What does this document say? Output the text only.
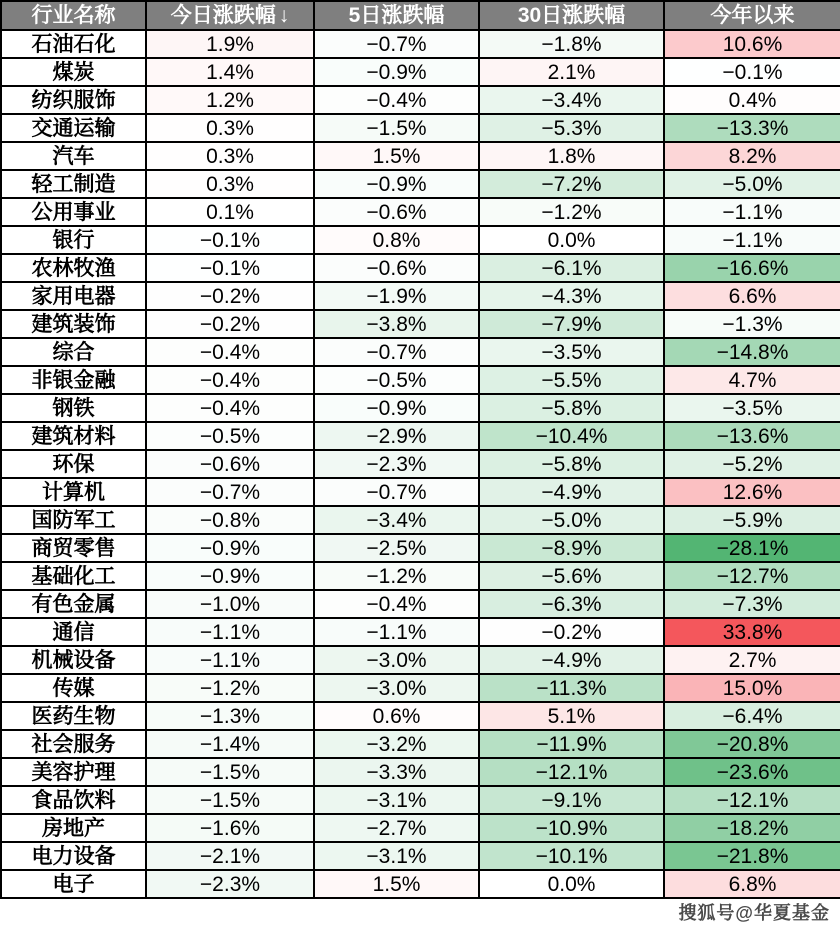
行业名称	今日涨跌幅 ↓	5日涨跌幅	30日涨跌幅	今年以来
石油石化	1.9%	−0.7%	−1.8%	10.6%
煤炭	1.4%	−0.9%	2.1%	−0.1%
纺织服饰	1.2%	−0.4%	−3.4%	0.4%
交通运输	0.3%	−1.5%	−5.3%	−13.3%
汽车	0.3%	1.5%	1.8%	8.2%
轻工制造	0.3%	−0.9%	−7.2%	−5.0%
公用事业	0.1%	−0.6%	−1.2%	−1.1%
银行	−0.1%	0.8%	0.0%	−1.1%
农林牧渔	−0.1%	−0.6%	−6.1%	−16.6%
家用电器	−0.2%	−1.9%	−4.3%	6.6%
建筑装饰	−0.2%	−3.8%	−7.9%	−1.3%
综合	−0.4%	−0.7%	−3.5%	−14.8%
非银金融	−0.4%	−0.5%	−5.5%	4.7%
钢铁	−0.4%	−0.9%	−5.8%	−3.5%
建筑材料	−0.5%	−2.9%	−10.4%	−13.6%
环保	−0.6%	−2.3%	−5.8%	−5.2%
计算机	−0.7%	−0.7%	−4.9%	12.6%
国防军工	−0.8%	−3.4%	−5.0%	−5.9%
商贸零售	−0.9%	−2.5%	−8.9%	−28.1%
基础化工	−0.9%	−1.2%	−5.6%	−12.7%
有色金属	−1.0%	−0.4%	−6.3%	−7.3%
通信	−1.1%	−1.1%	−0.2%	33.8%
机械设备	−1.1%	−3.0%	−4.9%	2.7%
传媒	−1.2%	−3.0%	−11.3%	15.0%
医药生物	−1.3%	0.6%	5.1%	−6.4%
社会服务	−1.4%	−3.2%	−11.9%	−20.8%
美容护理	−1.5%	−3.3%	−12.1%	−23.6%
食品饮料	−1.5%	−3.1%	−9.1%	−12.1%
房地产	−1.6%	−2.7%	−10.9%	−18.2%
电力设备	−2.1%	−3.1%	−10.1%	−21.8%
电子	−2.3%	1.5%	0.0%	6.8%
搜狐号@华夏基金
